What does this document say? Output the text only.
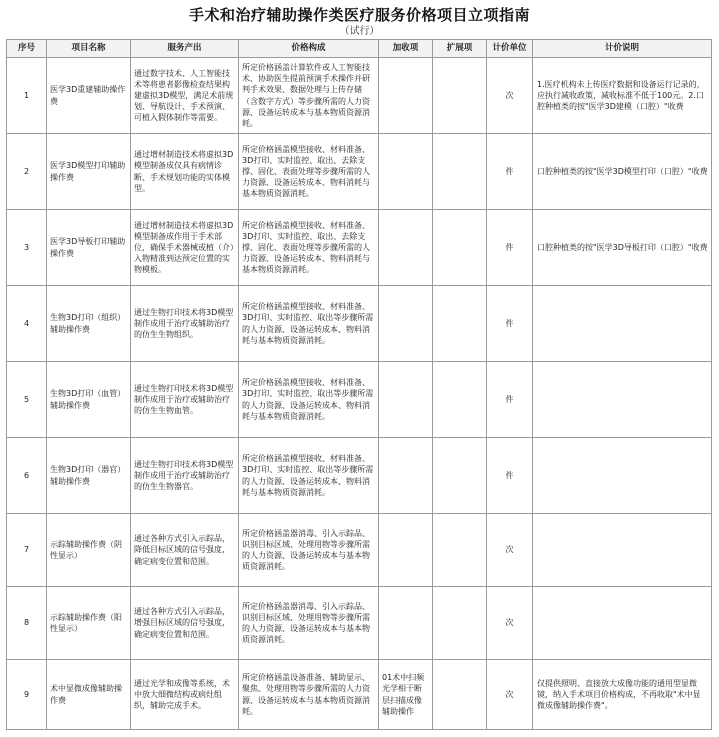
手术和治疗辅助操作类医疗服务价格项目立项指南
（试行）
序号	项目名称	服务产出	价格构成	加收项	扩展项	计价单位	计价说明
1	医学3D重建辅助操作费	通过数字技术、人工智能技术等将患者影像检查结果构建虚拟3D模型，满足术前规划、导航设计、手术预演、可植入假体制作等需要。	所定价格涵盖计算软件或人工智能技术、协助医生提前预演手术操作并研判手术效果、数据处理与上传存储（含数字方式）等步骤所需的人力资源、设备运转成本与基本物质资源消耗。			次	1.医疗机构未上传医疗数据和设备运行记录的，应执行减收政策，减收标准不低于100元。2.口腔种植类的按"医学3D建模（口腔）"收费
2	医学3D模型打印辅助操作费	通过增材制造技术将虚拟3D模型制备成仅具有病情诊断、手术规划功能的实体模型。	所定价格涵盖模型接收、材料准备、3D打印、实时监控、取出、去除支撑、固化、表面处理等步骤所需的人力资源、设备运转成本、物料消耗与基本物质资源消耗。			件	口腔种植类的按"医学3D模型打印（口腔）"收费
3	医学3D导板打印辅助操作费	通过增材制造技术将虚拟3D模型制备成作用于手术部位，确保手术器械或植（介）入物精准到达预定位置的实物模板。	所定价格涵盖模型接收、材料准备、3D打印、实时监控、取出、去除支撑、固化、表面处理等步骤所需的人力资源、设备运转成本、物料消耗与基本物质资源消耗。			件	口腔种植类的按"医学3D导板打印（口腔）"收费
4	生物3D打印（组织）辅助操作费	通过生物打印技术将3D模型制作成用于治疗或辅助治疗的仿生生物组织。	所定价格涵盖模型接收、材料准备、3D打印、实时监控、取出等步骤所需的人力资源、设备运转成本、物料消耗与基本物质资源消耗。			件	
5	生物3D打印（血管）辅助操作费	通过生物打印技术将3D模型制作成用于治疗或辅助治疗的仿生生物血管。	所定价格涵盖模型接收、材料准备、3D打印、实时监控、取出等步骤所需的人力资源、设备运转成本、物料消耗与基本物质资源消耗。			件	
6	生物3D打印（器官）辅助操作费	通过生物打印技术将3D模型制作成用于治疗或辅助治疗的仿生生物器官。	所定价格涵盖模型接收、材料准备、3D打印、实时监控、取出等步骤所需的人力资源、设备运转成本、物料消耗与基本物质资源消耗。			件	
7	示踪辅助操作费（阴性显示）	通过各种方式引入示踪品，降低目标区域的信号强度，确定病变位置和范围。	所定价格涵盖器消毒、引入示踪品、识别目标区域、处理用物等步骤所需的人力资源、设备运转成本与基本物质资源消耗。			次	
8	示踪辅助操作费（阳性显示）	通过各种方式引入示踪品，增强目标区域的信号强度，确定病变位置和范围。	所定价格涵盖器消毒、引入示踪品、识别目标区域、处理用物等步骤所需的人力资源、设备运转成本与基本物质资源消耗。			次	
9	术中显微成像辅助操作费	通过光学和成像等系统，术中放大细微结构或病灶组织，辅助完成手术。	所定价格涵盖设备准备、辅助显示、聚焦、处理用物等步骤所需的人力资源、设备运转成本与基本物质资源消耗。	01术中扫频光学相干断层扫描成像辅助操作		次	仅提供照明、直接放大成像功能的通用型显微镜，纳入手术项目价格构成，不再收取"术中显微成像辅助操作费"。
